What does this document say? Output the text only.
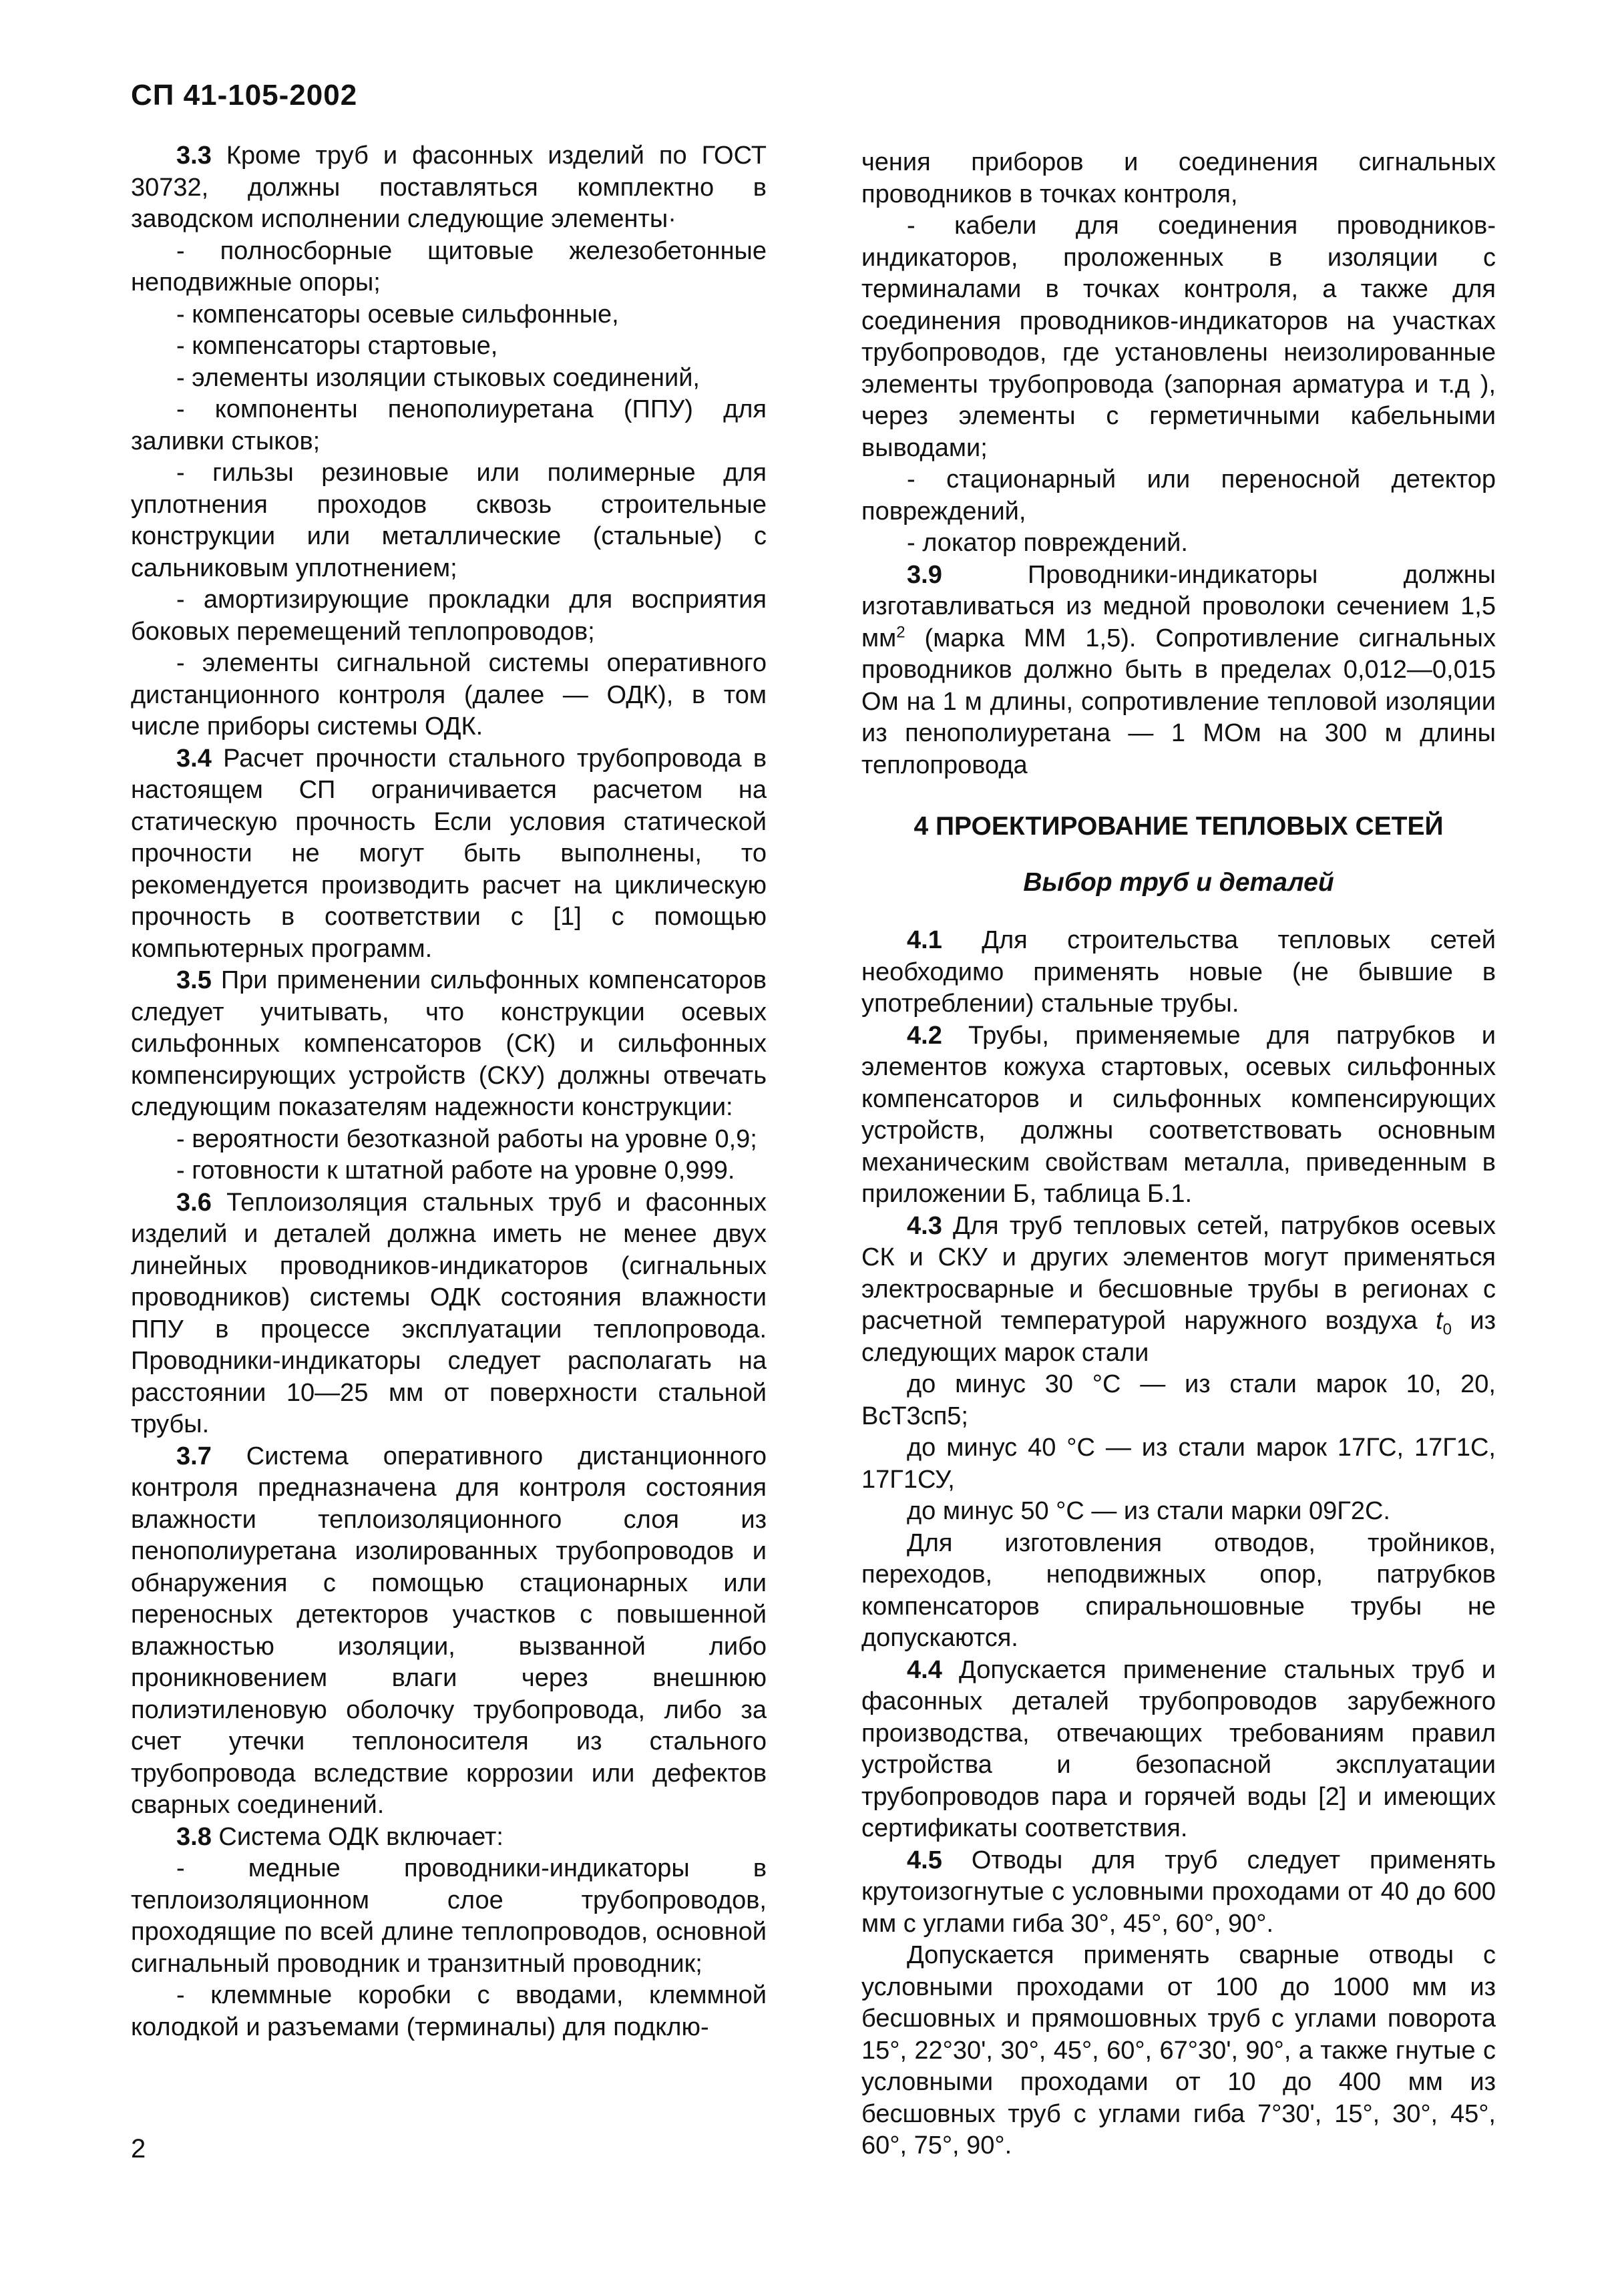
СП 41-105-2002

3.3 Кроме труб и фасонных изделий по ГОСТ 30732, должны поставляться комплектно в заводском исполнении следующие элементы·

- полносборные щитовые железобетонные неподвижные опоры;

- компенсаторы осевые сильфонные,

- компенсаторы стартовые,

- элементы изоляции стыковых соединений,

- компоненты пенополиуретана (ППУ) для заливки стыков;

- гильзы резиновые или полимерные для уплотнения проходов сквозь строительные конструкции или металлические (стальные) с сальниковым уплотнением;

- амортизирующие прокладки для восприятия боковых перемещений теплопроводов;

- элементы сигнальной системы оперативного дистанционного контроля (далее — ОДК), в том числе приборы системы ОДК.

3.4 Расчет прочности стального трубопровода в настоящем СП ограничивается расчетом на статическую прочность Если условия статической прочности не могут быть выполнены, то рекомендуется производить расчет на циклическую прочность в соответствии с [1] с помощью компьютерных программ.

3.5 При применении сильфонных компенсаторов следует учитывать, что конструкции осевых сильфонных компенсаторов (СК) и сильфонных компенсирующих устройств (СКУ) должны отвечать следующим показателям надежности конструкции:

- вероятности безотказной работы на уровне 0,9;

- готовности к штатной работе на уровне 0,999.

3.6 Теплоизоляция стальных труб и фасонных изделий и деталей должна иметь не менее двух линейных проводников-индикаторов (сигнальных проводников) системы ОДК состояния влажности ППУ в процессе эксплуатации теплопровода. Проводники-индикаторы следует располагать на расстоянии 10—25 мм от поверхности стальной трубы.

3.7 Система оперативного дистанционного контроля предназначена для контроля состояния влажности теплоизоляционного слоя из пенополиуретана изолированных трубопроводов и обнаружения с помощью стационарных или переносных детекторов участков с повышенной влажностью изоляции, вызванной либо проникновением влаги через внешнюю полиэтиленовую оболочку трубопровода, либо за счет утечки теплоносителя из стального трубопровода вследствие коррозии или дефектов сварных соединений.

3.8 Система ОДК включает:

- медные проводники-индикаторы в теплоизоляционном слое трубопроводов, проходящие по всей длине теплопроводов, основной сигнальный проводник и транзитный проводник;

- клеммные коробки с вводами, клеммной колодкой и разъемами (терминалы) для подклю-

чения приборов и соединения сигнальных проводников в точках контроля,

- кабели для соединения проводников-индикаторов, проложенных в изоляции с терминалами в точках контроля, а также для соединения проводников-индикаторов на участках трубопроводов, где установлены неизолированные элементы трубопровода (запорная арматура и т.д ), через элементы с герметичными кабельными выводами;

- стационарный или переносной детектор повреждений,

- локатор повреждений.

3.9 Проводники-индикаторы должны изготавливаться из медной проволоки сечением 1,5 $мм^2$ (марка ММ 1,5). Сопротивление сигнальных проводников должно быть в пределах 0,012—0,015 Ом на 1 м длины, сопротивление тепловой изоляции из пенополиуретана — 1 МОм на 300 м длины теплопровода

4 ПРОЕКТИРОВАНИЕ ТЕПЛОВЫХ СЕТЕЙ

Выбор труб и деталей

4.1 Для строительства тепловых сетей необходимо применять новые (не бывшие в употреблении) стальные трубы.

4.2 Трубы, применяемые для патрубков и элементов кожуха стартовых, осевых сильфонных компенсаторов и сильфонных компенсирующих устройств, должны соответствовать основным механическим свойствам металла, приведенным в приложении Б, таблица Б.1.

4.3 Для труб тепловых сетей, патрубков осевых СК и СКУ и других элементов могут применяться электросварные и бесшовные трубы в регионах с расчетной температурой наружного воздуха $t_0$ из следующих марок стали

до минус 30 °С — из стали марок 10, 20, ВсТ3сп5;

до минус 40 °С — из стали марок 17ГС, 17Г1С, 17Г1СУ,

до минус 50 °С — из стали марки 09Г2С.

Для изготовления отводов, тройников, переходов, неподвижных опор, патрубков компенсаторов спиральношовные трубы не допускаются.

4.4 Допускается применение стальных труб и фасонных деталей трубопроводов зарубежного производства, отвечающих требованиям правил устройства и безопасной эксплуатации трубопроводов пара и горячей воды [2] и имеющих сертификаты соответствия.

4.5 Отводы для труб следует применять крутоизогнутые с условными проходами от 40 до 600 мм с углами гиба 30°, 45°, 60°, 90°.

Допускается применять сварные отводы с условными проходами от 100 до 1000 мм из бесшовных и прямошовных труб с углами поворота 15°, 22°30', 30°, 45°, 60°, 67°30', 90°, а также гнутые с условными проходами от 10 до 400 мм из бесшовных труб с углами гиба 7°30', 15°, 30°, 45°, 60°, 75°, 90°.

2
